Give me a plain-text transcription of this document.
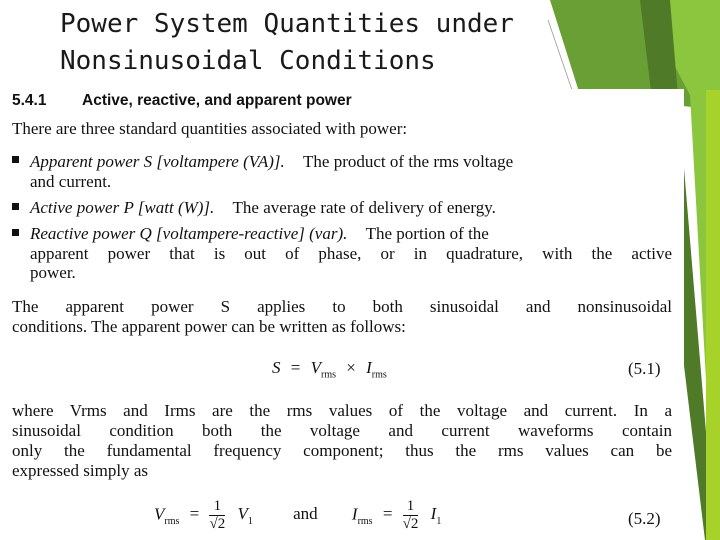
Power System Quantities under
Nonsinusoidal Conditions
5.4.1 Active, reactive, and apparent power
There are three standard quantities associated with power:
Apparent power S [voltampere (VA)]. The product of the rms voltage
and current.
Active power P [watt (W)]. The average rate of delivery of energy.
Reactive power Q [voltampere-reactive] (var). The portion of the
apparent power that is out of phase, or in quadrature, with the active
power.
The apparent power S applies to both sinusoidal and nonsinusoidal
conditions. The apparent power can be written as follows:
$S = V_{rms} \times I_{rms}$	(5.1)
where Vrms and Irms are the rms values of the voltage and current. In a
sinusoidal condition both the voltage and current waveforms contain
only the fundamental frequency component; thus the rms values can be
expressed simply as
$V_{rms} = \frac{1}{√2} V_1$ and $I_{rms} = \frac{1}{√2} I_1$	(5.2)
